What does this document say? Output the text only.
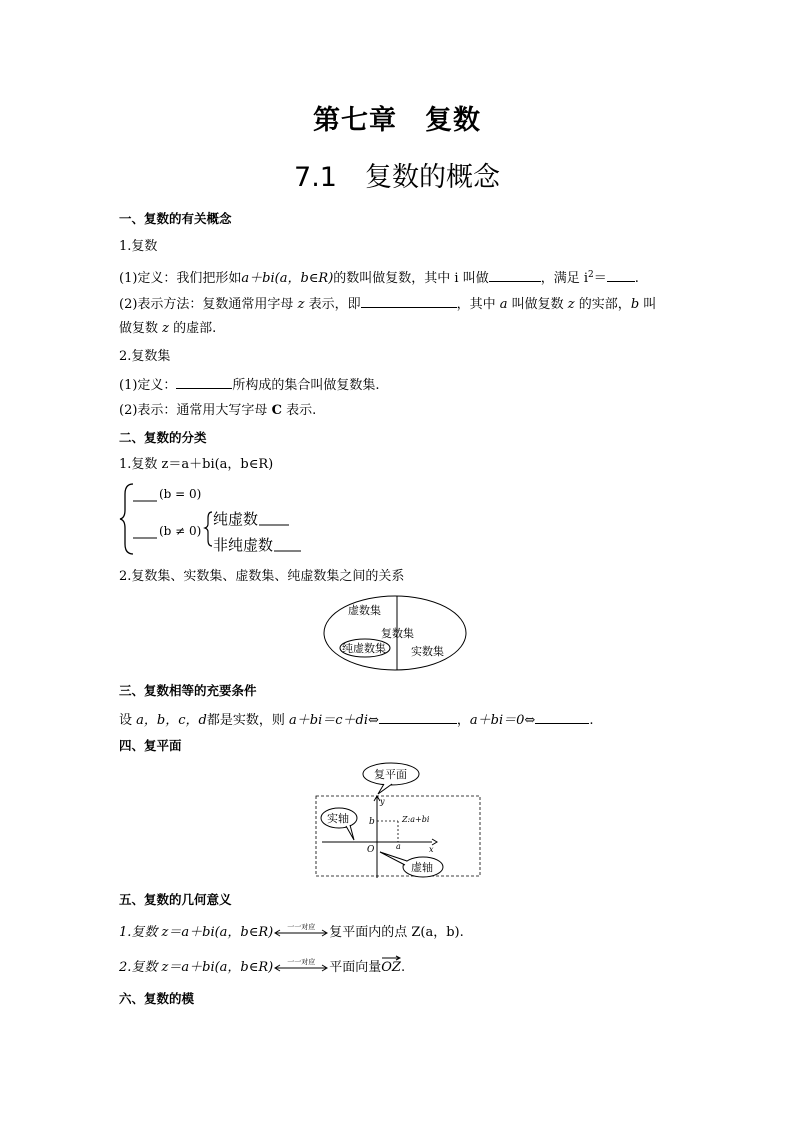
第七章 复数
7.1 复数的概念
一、复数的有关概念
1.复数
(1)定义：我们把形如a＋bi(a，b∈R)的数叫做复数，其中 i 叫做	，满足 $i^2=$ .
(2)表示方法：复数通常用字母 z 表示，即	，其中 a 叫做复数 z 的实部，b 叫
做复数 z 的虚部.
2.复数集
(1)定义：	所构成的集合叫做复数集.
(2)表示：通常用大写字母 C 表示.
二、复数的分类
1.复数 z＝a＋bi(a，b∈R)
(b = 0)
(b ≠ 0)
纯虚数
非纯虚数
2.复数集、实数集、虚数集、纯虚数集之间的关系
虚数集
复数集
纯虚数集 实数集
三、复数相等的充要条件
设 a，b，c，d都是实数，则 a＋bi＝c＋di⇔	，a＋bi＝0⇔	.
四、复平面
复平面
y
x
O
b
a
Z:a+bi
实轴
虚轴
五、复数的几何意义
1.复数 z＝a＋bi(a，b∈R)	一一对应	复平面内的点 Z(a，b).
2.复数 z＝a＋bi(a，b∈R)	一一对应	平面向量OZ
.
六、复数的模
